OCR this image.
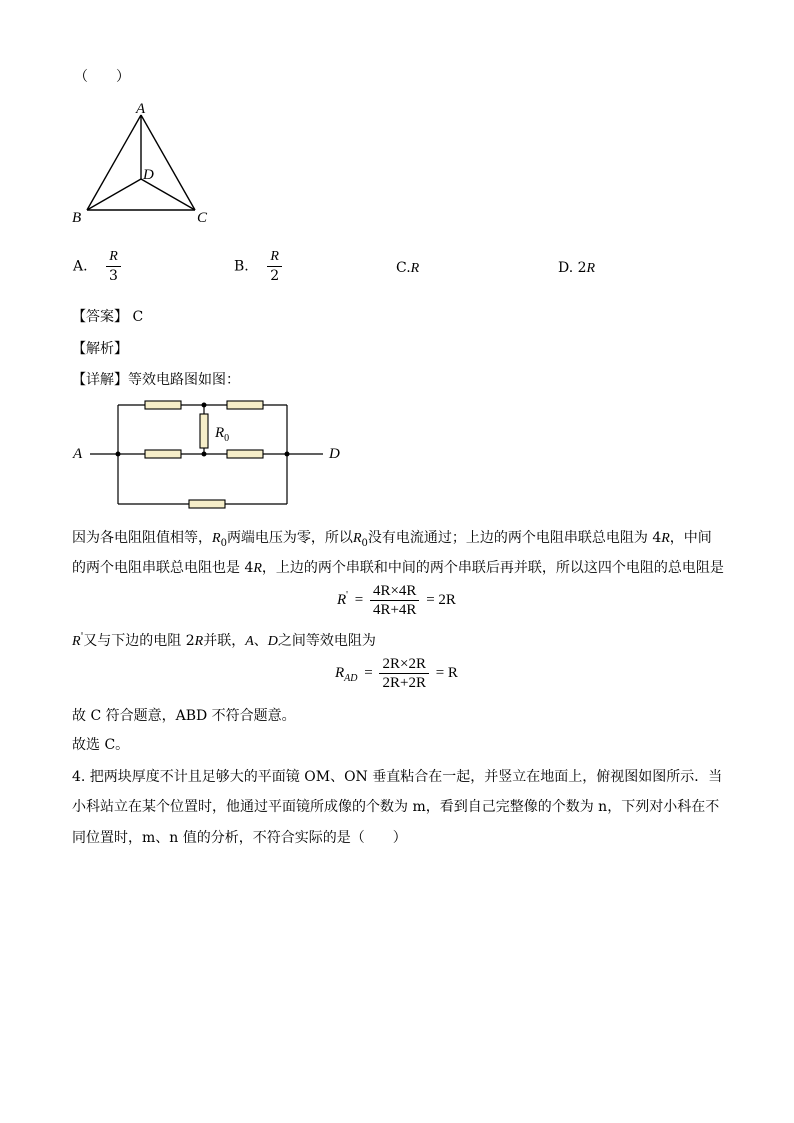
（　　）
A
D
B	C
A. $\frac{R}{3}$	B. $\frac{R}{2}$	C.R	D. 2R
【答案】 C
【解析】
【详解】等效电路图如图：
A	D
$R_0$
因为各电阻阻值相等，$R_0$两端电压为零，所以$R_0$没有电流通过；上边的两个电阻串联总电阻为 4R，中间
的两个电阻串联总电阻也是 4R，上边的两个串联和中间的两个串联后再并联，所以这四个电阻的总电阻是
$R' = \frac{4R\times 4R}{4R+4R} = 2R$
R'又与下边的电阻 2R并联，A、D之间等效电阻为
$R_{AD} = \frac{2R\times 2R}{2R+2R} = R$
故 C 符合题意，ABD 不符合题意。
故选 C。
4. 把两块厚度不计且足够大的平面镜 OM、ON 垂直粘合在一起，并竖立在地面上，俯视图如图所示．当
小科站立在某个位置时，他通过平面镜所成像的个数为 m，看到自己完整像的个数为 n，下列对小科在不
同位置时，m、n 值的分析，不符合实际的是（　　）
